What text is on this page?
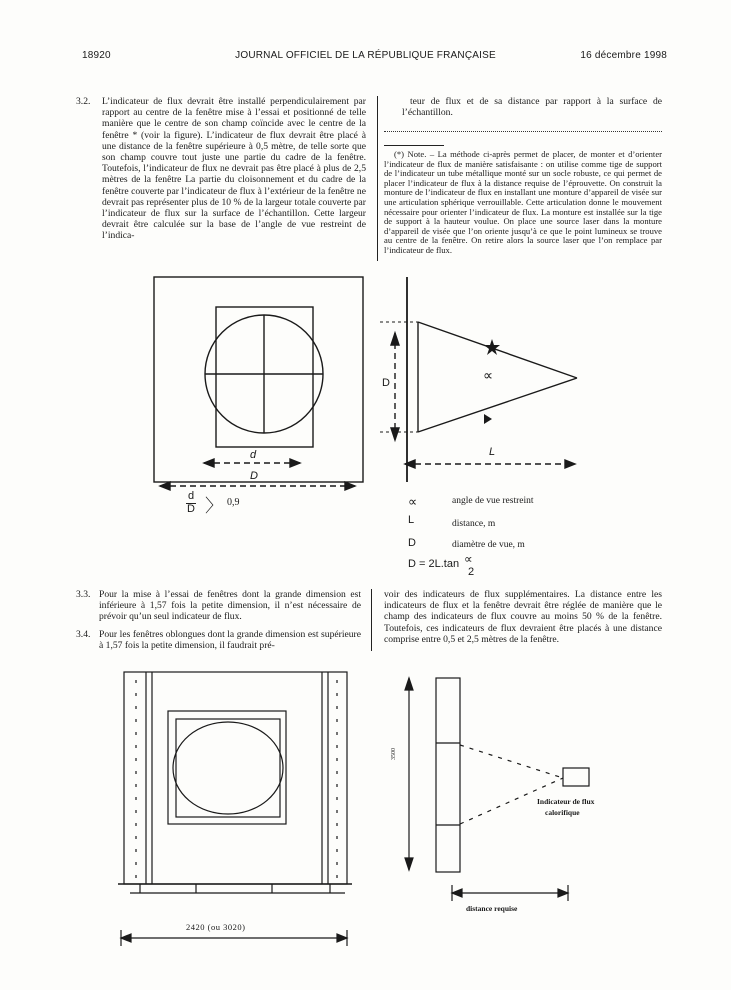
18920	JOURNAL OFFICIEL DE LA RÉPUBLIQUE FRANÇAISE	16 décembre 1998
3.2. L’indicateur de flux devrait être installé perpendiculairement par rapport au centre de la fenêtre mise à l’essai et positionné de telle manière que le centre de son champ coïncide avec le centre de la fenêtre * (voir la figure). L’indicateur de flux devrait être placé à une distance de la fenêtre supérieure à 0,5 mètre, de telle sorte que son champ couvre tout juste une partie du cadre de la fenêtre. Toutefois, l’indicateur de flux ne devrait pas être placé à plus de 2,5 mètres de la fenêtre La partie du cloisonnement et du cadre de la fenêtre couverte par l’indicateur de flux à l’extérieur de la fenêtre ne devrait pas représenter plus de 10 % de la largeur totale couverte par l’indicateur de flux sur la surface de l’échantillon. Cette largeur devrait être calculée sur la base de l’angle de vue restreint de l’indica-
teur de flux et de sa distance par rapport à la surface de l’échantillon.
(*) Note. – La méthode ci-après permet de placer, de monter et d’orienter l’indicateur de flux de manière satisfaisante : on utilise comme tige de support de l’indicateur un tube métallique monté sur un socle robuste, ce qui permet de placer l’indicateur de flux à la distance requise de l’éprouvette. On construit la monture de l’indicateur de flux en installant une monture d’appareil de visée sur une articulation sphérique verrouillable. Cette articulation donne le mouvement nécessaire pour orienter l’indicateur de flux. La monture est installée sur la tige de support à la hauteur voulue. On place une source laser dans la monture d’appareil de visée que l’on oriente jusqu’à ce que le point lumineux se trouve au centre de la fenêtre. On retire alors la source laser que l’on remplace par l’indicateur de flux.
d
D
D	∝
L
d
D 〉 0,9	∝	angle de vue restreint
L	distance, m
D	diamètre de vue, m
D = 2L.tan ∝
2
3.3. Pour la mise à l’essai de fenêtres dont la grande dimension est inférieure à 1,57 fois la petite dimension, il n’est nécessaire de prévoir qu’un seul indicateur de flux.
3.4. Pour les fenêtres oblongues dont la grande dimension est supérieure à 1,57 fois la petite dimension, il faudrait pré-
voir des indicateurs de flux supplémentaires. La distance entre les indicateurs de flux et la fenêtre devrait être réglée de manière que le champ des indicateurs de flux couvre au moins 50 % de la fenêtre. Toutefois, ces indicateurs de flux devraient être placés à une distance comprise entre 0,5 et 2,5 mètres de la fenêtre.
2420 (ou 3020)
3500
Indicateur de flux
calorifique
distance requise
